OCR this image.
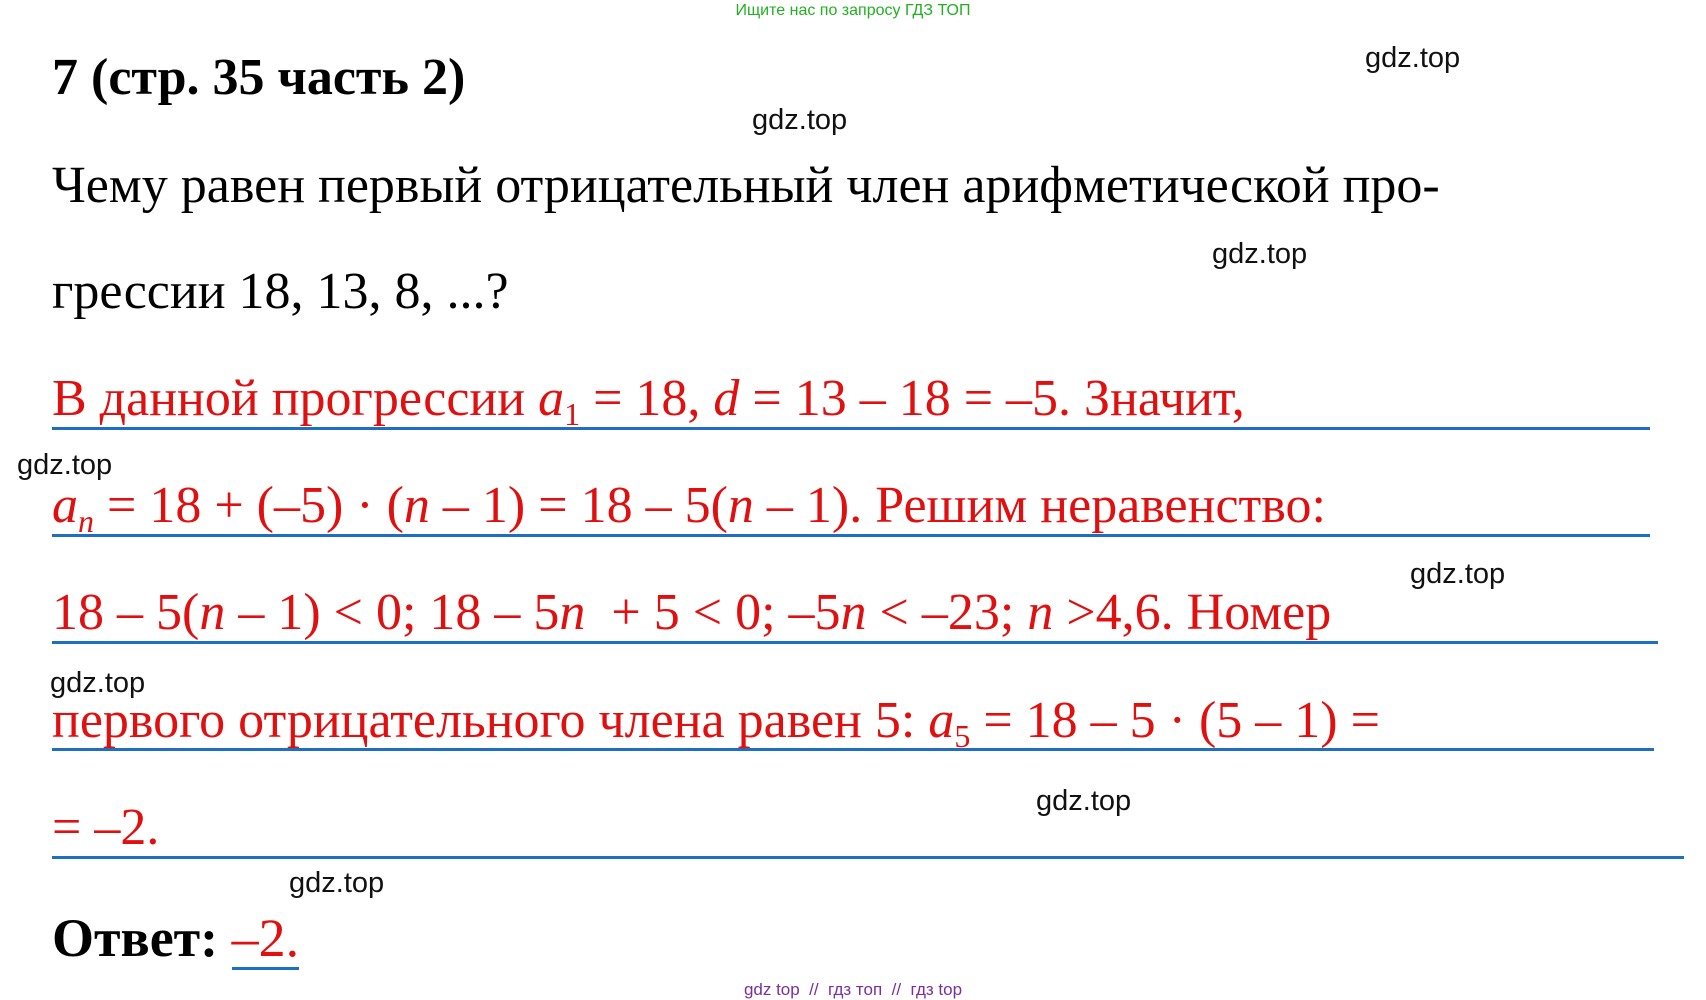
Ищите нас по запросу ГДЗ ТОП
7 (стр. 35 часть 2)
Чему равен первый отрицательный член арифметической про-
грессии 18, 13, 8, ...?
В данной прогрессии $a_1 = 18$, d = 13 – 18 = –5. Значит,
$a_n = 18 + (-5) \cdot (n - 1) = 18 - 5(n - 1)$. Решим неравенство:
18 – 5(n – 1) < 0; 18 – 5n  + 5 < 0; –5n < –23; n >4,6. Номер
первого отрицательного члена равен 5: $a_5 = 18 - 5 \cdot (5 - 1)$ =
= –2.
Ответ: –2.
gdz.top
gdz.top
gdz.top
gdz.top
gdz.top
gdz.top
gdz.top
gdz.top
gdz top  //  гдз топ  //  гдз top
